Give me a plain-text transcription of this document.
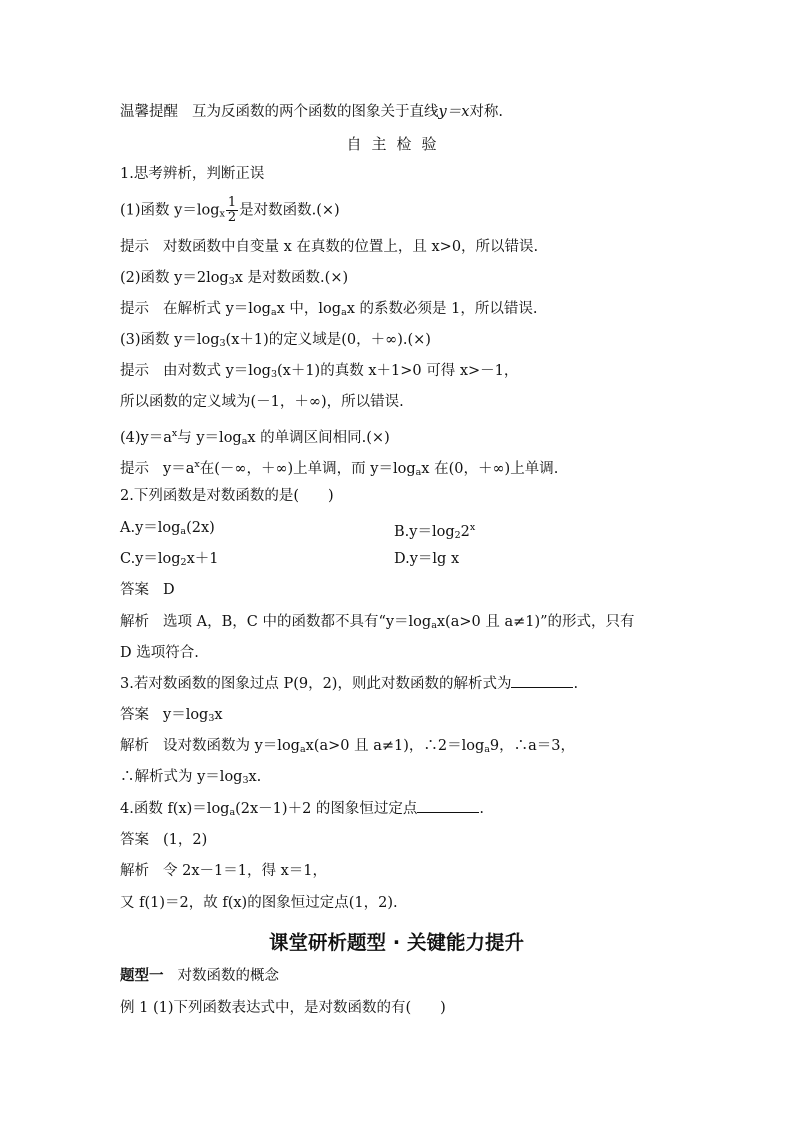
温馨提醒 互为反函数的两个函数的图象关于直线y＝x对称.
自主检验
1.思考辨析，判断正误
(1)函数 $y=\log_x \frac{1}{2}$ 是对数函数.(×)
提示 对数函数中自变量 x 在真数的位置上，且 x>0，所以错误.
(2)函数 $y=2\log_3x$ 是对数函数.(×)
提示 在解析式 $y=\log_ax$ 中，$\log_ax$ 的系数必须是 1，所以错误.
(3)函数 $y=\log_3(x+1)$的定义域是(0，＋∞).(×)
提示 由对数式 $y=\log_3(x+1)$的真数 x＋1>0 可得 x>－1，
所以函数的定义域为(－1，＋∞)，所以错误.
$(4)y=a^x$与 $y=\log_ax$ 的单调区间相同.(×)
提示 $y=a^x$在(－∞，＋∞)上单调，而 $y=\log_ax$ 在(0，＋∞)上单调.
2.下列函数是对数函数的是(　　)
$A.y=\log_a(2x)$	$B.y=\log_22^x$
$C.y=\log_2x+1$	D.y＝lg x
答案 D
解析 选项 A，B，C 中的函数都不具有“$y=\log_ax(a>0$ 且 a≠1)”的形式，只有
D 选项符合.
3.若对数函数的图象过点 P(9，2)，则此对数函数的解析式为	.
答案 $y=\log_3x$
解析 设对数函数为 $y=\log_ax(a>0$ 且 a≠1)，$\therefore 2=\log_a9$，∴a＝3，
∴解析式为 $y=\log_3x$.
4.函数 $f(x)=\log_a(2x-1)+2$ 的图象恒过定点	.
答案 (1，2)
解析 令 2x－1＝1，得 x＝1，
又 f(1)＝2，故 f(x)的图象恒过定点(1，2).
课堂研析题型 · 关键能力提升
题型一 对数函数的概念
例 1 (1)下列函数表达式中，是对数函数的有(　　)
